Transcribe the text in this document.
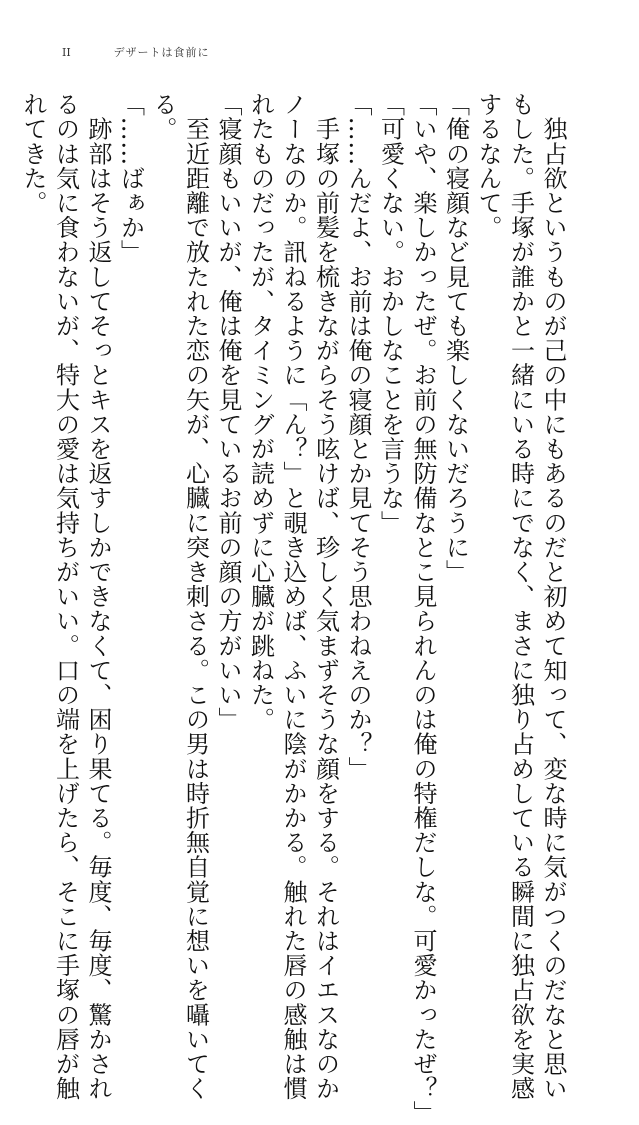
II	デザートは食前に
　独占欲というものが己の中にもあるのだと初めて知って、変な時に気がつくのだなと思い
もした。手塚が誰かと一緒にいる時にでなく、まさに独り占めしている瞬間に独占欲を実感
するなんて。
「俺の寝顔など見ても楽しくないだろうに」
「いや、楽しかったぜ。お前の無防備なとこ見られんのは俺の特権だしな。可愛かったぜ？」
「可愛くない。おかしなことを言うな」
「……んだよ、お前は俺の寝顔とか見てそう思わねえのか？」
　手塚の前髪を梳きながらそう呟けば、珍しく気まずそうな顔をする。それはイエスなのか
ノーなのか。訊ねるように「ん？」と覗き込めば、ふいに陰がかかる。触れた唇の感触は慣
れたものだったが、タイミングが読めずに心臓が跳ねた。
「寝顔もいいが、俺は俺を見ているお前の顔の方がいい」
　至近距離で放たれた恋の矢が、心臓に突き刺さる。この男は時折無自覚に想いを囁いてく
る。
「……ばぁか」
　跡部はそう返してそっとキスを返すしかできなくて、困り果てる。毎度、毎度、驚かされ
るのは気に食わないが、特大の愛は気持ちがいい。口の端を上げたら、そこに手塚の唇が触
れてきた。
